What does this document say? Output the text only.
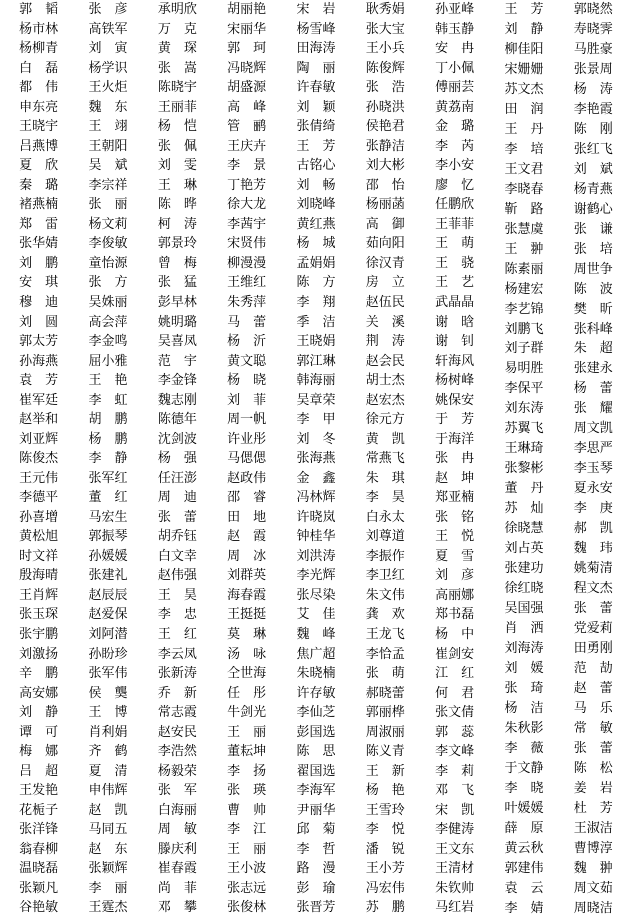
郭　韬
杨市林
杨柳青
白　磊
都　伟
申东亮
王晓宇
吕燕博
夏　欣
秦　璐
褚燕楠
郑　雷
张华婧
刘　鹏
安　琪
穆　迪
刘　圆
郭太芳
孙海燕
袁　芳
崔军廷
赵举和
刘亚辉
陈俊杰
王元伟
李德平
孙喜增
黄松旭
时文祥
殷海晴
王肖辉
张玉琛
张宇鹏
刘激扬
辛　鹏
高安娜
刘　静
谭　可
梅　娜
吕　超
王发艳
花栀子
张洋锋
翁春柳
温晓磊
张颖凡
谷艳敏
张　彦
高铁军
刘　寅
杨学识
王火炬
魏　东
王　翊
王朝阳
吴　斌
李宗祥
张　丽
杨文莉
李俊敏
童怡源
张　方
吴姝丽
高会萍
李金鸣
屈小雅
王　艳
李　虹
胡　鹏
杨　鹏
李　静
张军红
董　红
马宏生
郭振琴
孙媛媛
张建礼
赵辰辰
赵爱保
刘阿潜
孙盼珍
张军伟
侯　龑
王　博
肖利娟
齐　鹤
夏　清
申伟辉
赵　凯
马同五
赵　东
张颖辉
李　丽
王霆杰
承明欣
万　克
黄　琛
张　嵩
陈晓宇
王丽菲
杨　恺
张　佩
刘　雯
王　琳
陈　晔
柯　涛
郭景玲
曾　梅
张　猛
彭早林
姚明璐
吴喜凤
范　宇
李金锋
魏志刚
陈德年
沈剑波
杨　强
任汪澎
周　迪
张　蕾
胡乔钰
白文幸
赵伟强
王　昊
李　忠
王　红
李云凤
张新涛
乔　新
常志霞
赵安民
李浩然
杨毅荣
张　军
白海丽
周　敏
滕庆利
崔春霞
尚　菲
邓　攀
胡丽艳
宋丽华
郭　珂
冯晓辉
胡盛源
高　峰
管　鹂
王庆卉
李　景
丁艳芳
徐大龙
李茜宇
宋贤伟
柳漫漫
王维红
朱秀萍
马　蕾
杨　沂
黄文聪
杨　晓
刘　菲
周一帆
许业彤
马偲偲
赵政伟
邵　睿
田　地
赵　霞
周　冰
刘群英
海春霞
王挺挺
莫　琳
汤　咏
仝世海
任　彤
牛剑光
王　丽
董耘坤
李　扬
张　瑛
曹　帅
李　江
王　丽
王小波
张志远
张俊林
宋　岩
杨雪峰
田海涛
陶　丽
许春敏
刘　颖
张倩绮
王　芳
古铭心
刘　畅
刘晓峰
黄红燕
杨　城
孟娟娟
陈　方
李　翔
季　洁
王晓娟
郭江琳
韩海丽
吴章荣
李　甲
刘　冬
张海燕
金　鑫
冯林辉
许晓岚
钟桂华
刘洪涛
李光辉
张尽染
艾　佳
魏　峰
焦广超
朱晓楠
许存敏
李仙芝
彭国选
陈　思
翟国选
李海军
尹丽华
邱　菊
李　哲
路　漫
彭　瑜
张晋芳
耿秀娟
张大宝
王小兵
陈俊辉
张　浩
孙晓洪
侯艳君
张静洁
刘大彬
邵　怡
杨丽菡
高　御
茹向阳
徐汉青
房　立
赵伍民
关　溪
荆　涛
赵会民
胡士杰
赵宏杰
徐元方
黄　凯
常燕飞
朱　琪
李　昊
白永太
刘尊道
李振作
李卫红
朱文伟
龚　欢
王龙飞
李恰孟
张　萌
郝晓蕾
郭丽桦
周淑丽
陈义青
王　新
杨　艳
王雪玲
李　悦
潘　锐
王小芳
冯宏伟
苏　鹏
孙亚峰
韩玉静
安　冉
丁小佩
傅丽芸
黄荔南
金　璐
李　芮
李小安
廖　忆
任鹏欣
王菲菲
王　萌
王　骁
王　艺
武晶晶
谢　晗
谢　钊
轩海风
杨树峰
姚保安
于　芳
于海洋
张　冉
赵　坤
郑亚楠
张　铭
王　悦
夏　雪
刘　彦
高丽娜
郑书磊
杨　中
崔剑安
江　红
何　君
张文倩
郭　蕊
李文峰
李　莉
邓　飞
宋　凯
李健涛
王文东
王清材
朱钦帅
马红岩
王　芳
刘　静
柳佳阳
宋姗姗
苏文杰
田　润
王　丹
李　培
王文君
李晓春
靳　路
张慧虞
王　翀
陈素丽
杨建宏
李艺锦
刘鹏飞
刘子群
易明胜
李保平
刘东涛
苏翼飞
王琳琦
张黎彬
董　丹
苏　灿
徐晓慧
刘占英
张建功
徐红晓
吴国强
肖　洒
刘海涛
刘　媛
张　琦
杨　洁
朱秋影
李　薇
于文静
李　晓
叶媛媛
薛　原
黄云秋
郭建伟
袁　云
李　婧
郭晓然
寿晓霁
马胜豪
张景周
杨　涛
李艳霞
陈　刚
张红飞
刘　斌
杨青燕
谢鹤心
张　谦
张　培
周世争
陈　波
樊　昕
张科峰
朱　超
张建永
杨　蕾
张　耀
周文凯
李思严
李玉琴
夏永安
李　庚
郝　凯
魏　玮
姚菊清
程文杰
张　蕾
党爱莉
田勇刚
范　劼
赵　蕾
马　乐
常　敏
张　蕾
陈　松
姜　岩
杜　芳
王淑洁
曹博淳
魏　翀
周文茹
周晓洁
